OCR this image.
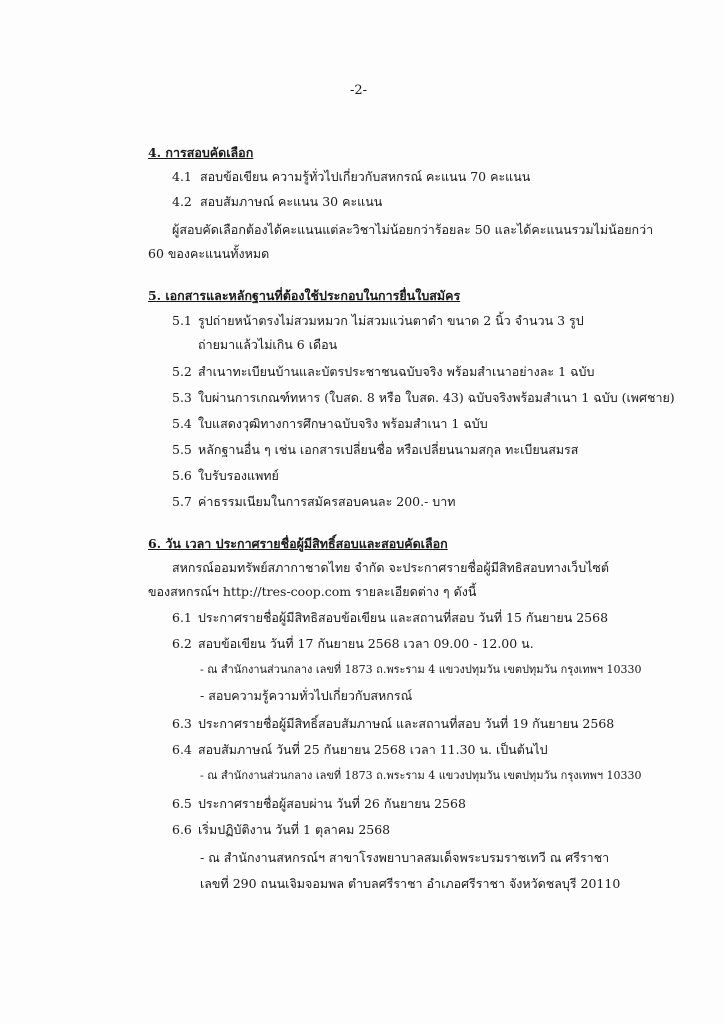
-2-
4. การสอบคัดเลือก
4.1 สอบข้อเขียน ความรู้ทั่วไปเกี่ยวกับสหกรณ์ คะแนน 70 คะแนน
4.2 สอบสัมภาษณ์ คะแนน 30 คะแนน
ผู้สอบคัดเลือกต้องได้คะแนนแต่ละวิชาไม่น้อยกว่าร้อยละ 50 และได้คะแนนรวมไม่น้อยกว่า
60 ของคะแนนทั้งหมด
5. เอกสารและหลักฐานที่ต้องใช้ประกอบในการยื่นใบสมัคร
5.1 รูปถ่ายหน้าตรงไม่สวมหมวก ไม่สวมแว่นตาดำ ขนาด 2 นิ้ว จำนวน 3 รูป
ถ่ายมาแล้วไม่เกิน 6 เดือน
5.2 สำเนาทะเบียนบ้านและบัตรประชาชนฉบับจริง พร้อมสำเนาอย่างละ 1 ฉบับ
5.3 ใบผ่านการเกณฑ์ทหาร (ใบสด. 8 หรือ ใบสด. 43) ฉบับจริงพร้อมสำเนา 1 ฉบับ (เพศชาย)
5.4 ใบแสดงวุฒิทางการศึกษาฉบับจริง พร้อมสำเนา 1 ฉบับ
5.5 หลักฐานอื่น ๆ เช่น เอกสารเปลี่ยนชื่อ หรือเปลี่ยนนามสกุล ทะเบียนสมรส
5.6 ใบรับรองแพทย์
5.7 ค่าธรรมเนียมในการสมัครสอบคนละ 200.- บาท
6. วัน เวลา ประกาศรายชื่อผู้มีสิทธิ์สอบและสอบคัดเลือก
สหกรณ์ออมทรัพย์สภากาชาดไทย จำกัด จะประกาศรายชื่อผู้มีสิทธิสอบทางเว็บไซต์
ของสหกรณ์ฯ http://tres-coop.com รายละเอียดต่าง ๆ ดังนี้
6.1 ประกาศรายชื่อผู้มีสิทธิสอบข้อเขียน และสถานที่สอบ วันที่ 15 กันยายน 2568
6.2 สอบข้อเขียน วันที่ 17 กันยายน 2568 เวลา 09.00 - 12.00 น.
- ณ สำนักงานส่วนกลาง เลขที่ 1873 ถ.พระราม 4 แขวงปทุมวัน เขตปทุมวัน กรุงเทพฯ 10330
- สอบความรู้ความทั่วไปเกี่ยวกับสหกรณ์
6.3 ประกาศรายชื่อผู้มีสิทธิ์สอบสัมภาษณ์ และสถานที่สอบ วันที่ 19 กันยายน 2568
6.4 สอบสัมภาษณ์ วันที่ 25 กันยายน 2568 เวลา 11.30 น. เป็นต้นไป
- ณ สำนักงานส่วนกลาง เลขที่ 1873 ถ.พระราม 4 แขวงปทุมวัน เขตปทุมวัน กรุงเทพฯ 10330
6.5 ประกาศรายชื่อผู้สอบผ่าน วันที่ 26 กันยายน 2568
6.6 เริ่มปฏิบัติงาน วันที่ 1 ตุลาคม 2568
- ณ สำนักงานสหกรณ์ฯ สาขาโรงพยาบาลสมเด็จพระบรมราชเทวี ณ ศรีราชา
เลขที่ 290 ถนนเจิมจอมพล ตำบลศรีราชา อำเภอศรีราชา จังหวัดชลบุรี 20110
